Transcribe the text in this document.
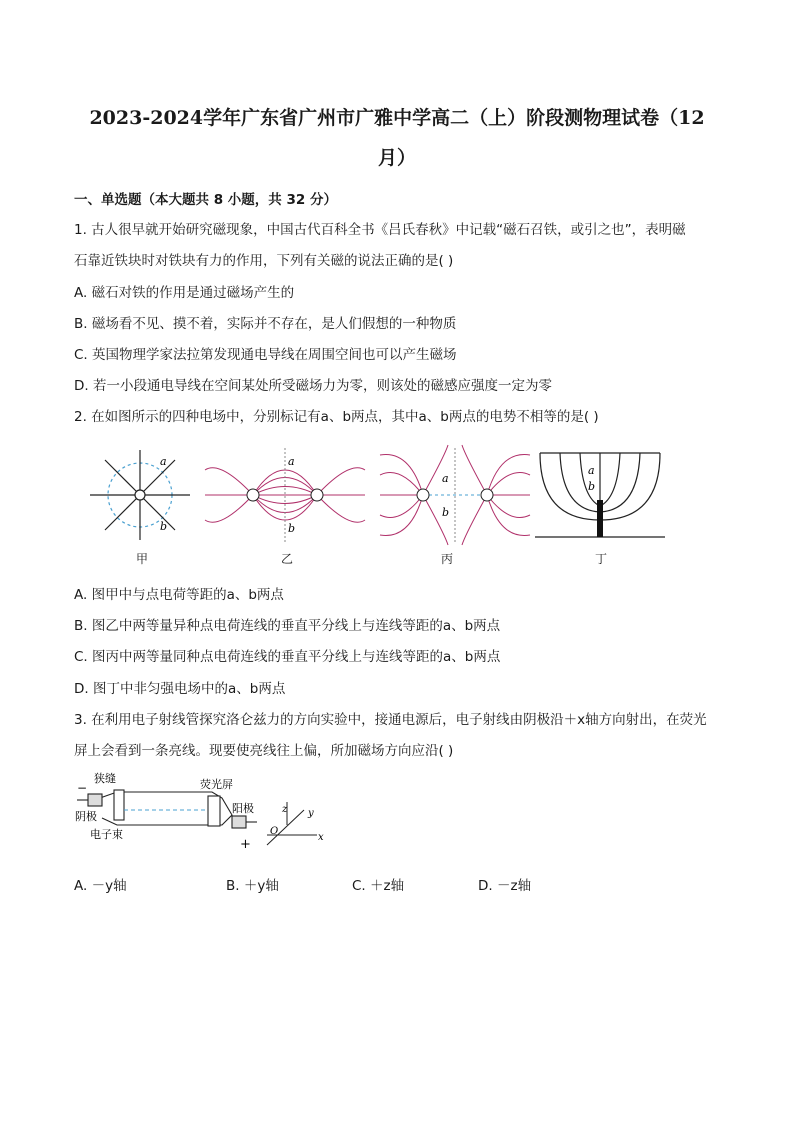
2023-2024学年广东省广州市广雅中学高二（上）阶段测物理试卷（12
月）
一、单选题（本大题共 8 小题，共 32 分）
1. 古人很早就开始研究磁现象，中国古代百科全书《吕氏春秋》中记载“磁石召铁，或引之也”，表明磁
石靠近铁块时对铁块有力的作用，下列有关磁的说法正确的是( )
A. 磁石对铁的作用是通过磁场产生的
B. 磁场看不见、摸不着，实际并不存在，是人们假想的一种物质
C. 英国物理学家法拉第发现通电导线在周围空间也可以产生磁场
D. 若一小段通电导线在空间某处所受磁场力为零，则该处的磁感应强度一定为零
2. 在如图所示的四种电场中，分别标记有a、b两点，其中a、b两点的电势不相等的是( )
a
b
a
b
a
b
a
b
甲	乙	丙	丁
A. 图甲中与点电荷等距的a、b两点
B. 图乙中两等量异种点电荷连线的垂直平分线上与连线等距的a、b两点
C. 图丙中两等量同种点电荷连线的垂直平分线上与连线等距的a、b两点
D. 图丁中非匀强电场中的a、b两点
3. 在利用电子射线管探究洛仑兹力的方向实验中，接通电源后，电子射线由阴极沿＋x轴方向射出，在荧光
屏上会看到一条亮线。现要使亮线往上偏，所加磁场方向应沿( )
−
狭缝	荧光屏
阴极
阳极
电子束
+
z y
x
O
A. －y轴	B. ＋y轴	C. ＋z轴	D. －z轴
